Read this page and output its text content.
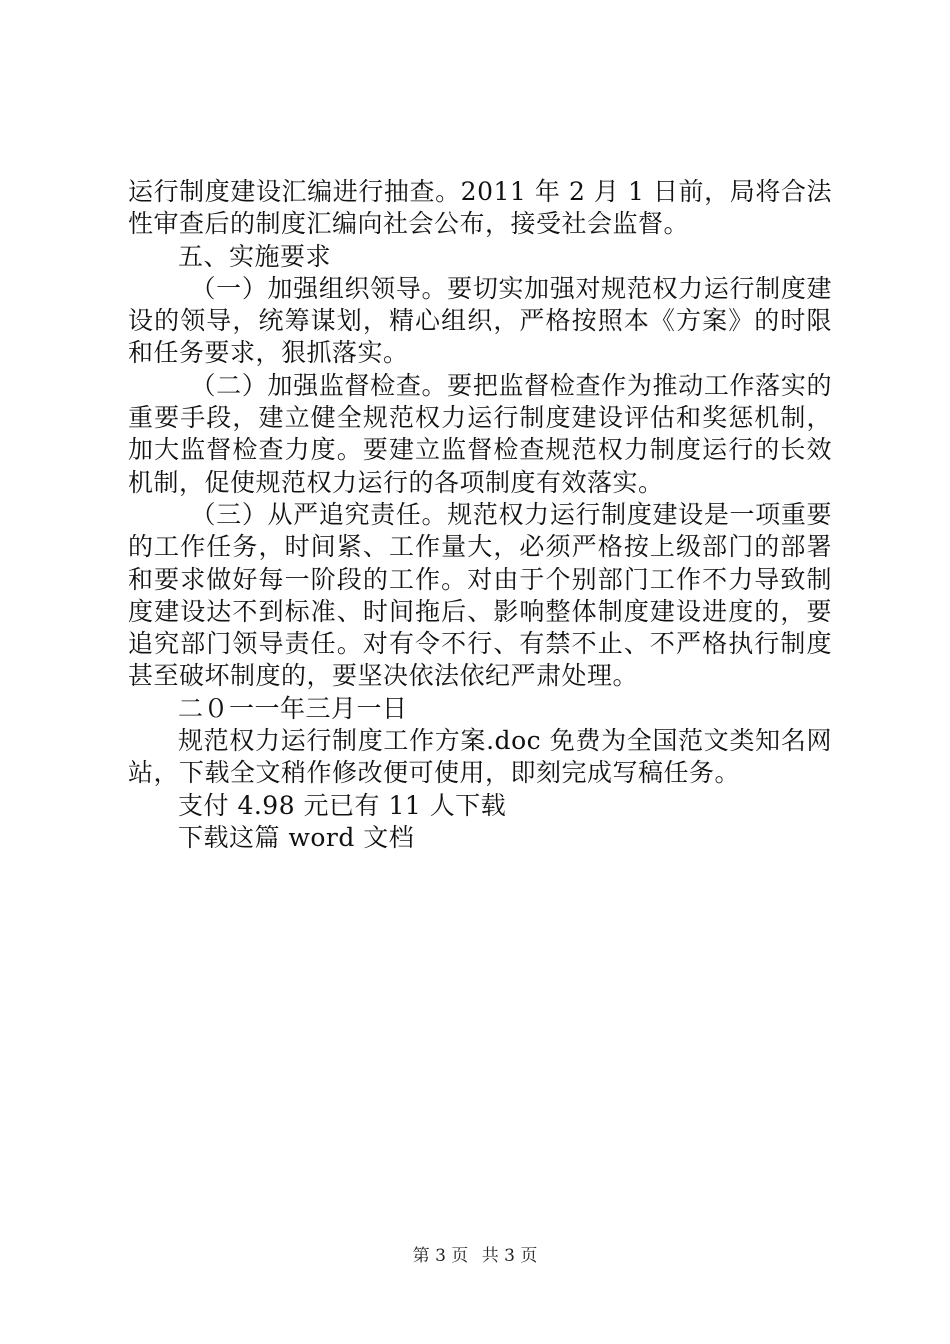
运行制度建设汇编进行抽查。2011 年 2 月 1 日前，局将合法性审查后的制度汇编向社会公布，接受社会监督。

五、实施要求

（一）加强组织领导。要切实加强对规范权力运行制度建设的领导，统筹谋划，精心组织，严格按照本《方案》的时限和任务要求，狠抓落实。

（二）加强监督检查。要把监督检查作为推动工作落实的重要手段，建立健全规范权力运行制度建设评估和奖惩机制，加大监督检查力度。要建立监督检查规范权力制度运行的长效机制，促使规范权力运行的各项制度有效落实。

（三）从严追究责任。规范权力运行制度建设是一项重要的工作任务，时间紧、工作量大，必须严格按上级部门的部署和要求做好每一阶段的工作。对由于个别部门工作不力导致制度建设达不到标准、时间拖后、影响整体制度建设进度的，要追究部门领导责任。对有令不行、有禁不止、不严格执行制度甚至破坏制度的，要坚决依法依纪严肃处理。

二０一一年三月一日

规范权力运行制度工作方案.doc 免费为全国范文类知名网站，下载全文稍作修改便可使用，即刻完成写稿任务。

支付 4.98 元已有 11 人下载

下载这篇 word 文档

第 3 页 共 3 页
